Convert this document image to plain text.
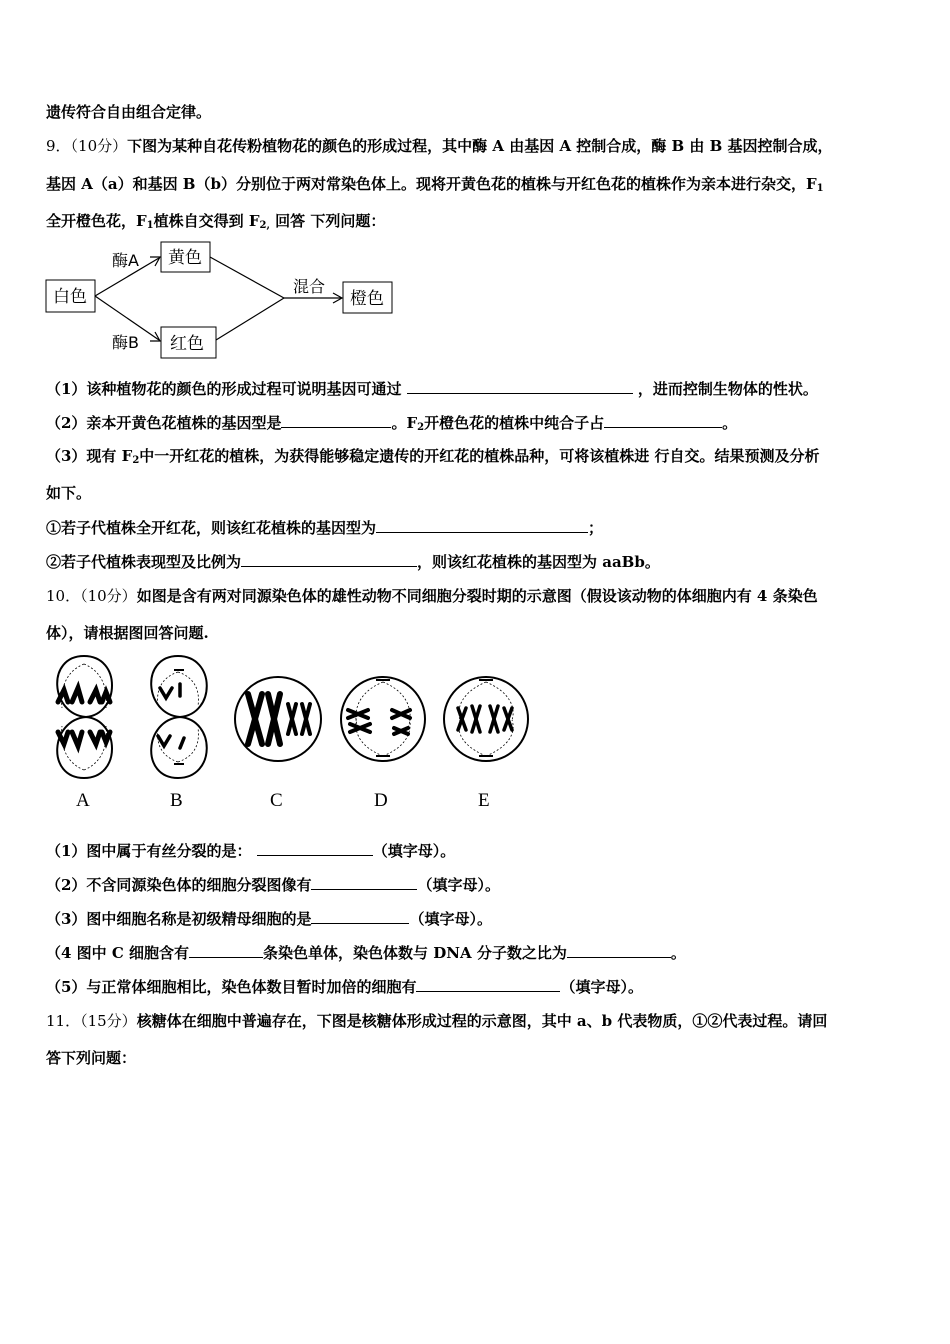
遗传符合自由组合定律。
9．（10分）下图为某种自花传粉植物花的颜色的形成过程，其中酶 A 由基因 A 控制合成，酶 B 由 B 基因控制合成，
基因 A（a）和基因 B（b）分别位于两对常染色体上。现将开黄色花的植株与开红色花的植株作为亲本进行杂交，$F_1$
全开橙色花，$F_1$植株自交得到 $F_{2,}$ 回答 下列问题：
白色
黄色
红色
橙色
酶A
酶B
混合
（1）该种植物花的颜色的形成过程可说明基因可通过	，进而控制生物体的性状。
（2）亲本开黄色花植株的基因型是	。$F_2$开橙色花的植株中纯合子占	。
（3）现有 $F_2$中一开红花的植株，为获得能够稳定遗传的开红花的植株品种，可将该植株进 行自交。结果预测及分析
如下。
①若子代植株全开红花，则该红花植株的基因型为	；
②若子代植株表现型及比例为	，则该红花植株的基因型为 aaBb。
10．（10分）如图是含有两对同源染色体的雄性动物不同细胞分裂时期的示意图（假设该动物的体细胞内有 4 条染色
体），请根据图回答问题.
A	B	C	D	E
（1）图中属于有丝分裂的是：	（填字母）。
（2）不含同源染色体的细胞分裂图像有	（填字母）。
（3）图中细胞名称是初级精母细胞的是	（填字母）。
（4 图中 C 细胞含有	条染色单体，染色体数与 DNA 分子数之比为	。
（5）与正常体细胞相比，染色体数目暂时加倍的细胞有	（填字母）。
11．（15分）核糖体在细胞中普遍存在，下图是核糖体形成过程的示意图，其中 a、b 代表物质，①②代表过程。请回
答下列问题：
